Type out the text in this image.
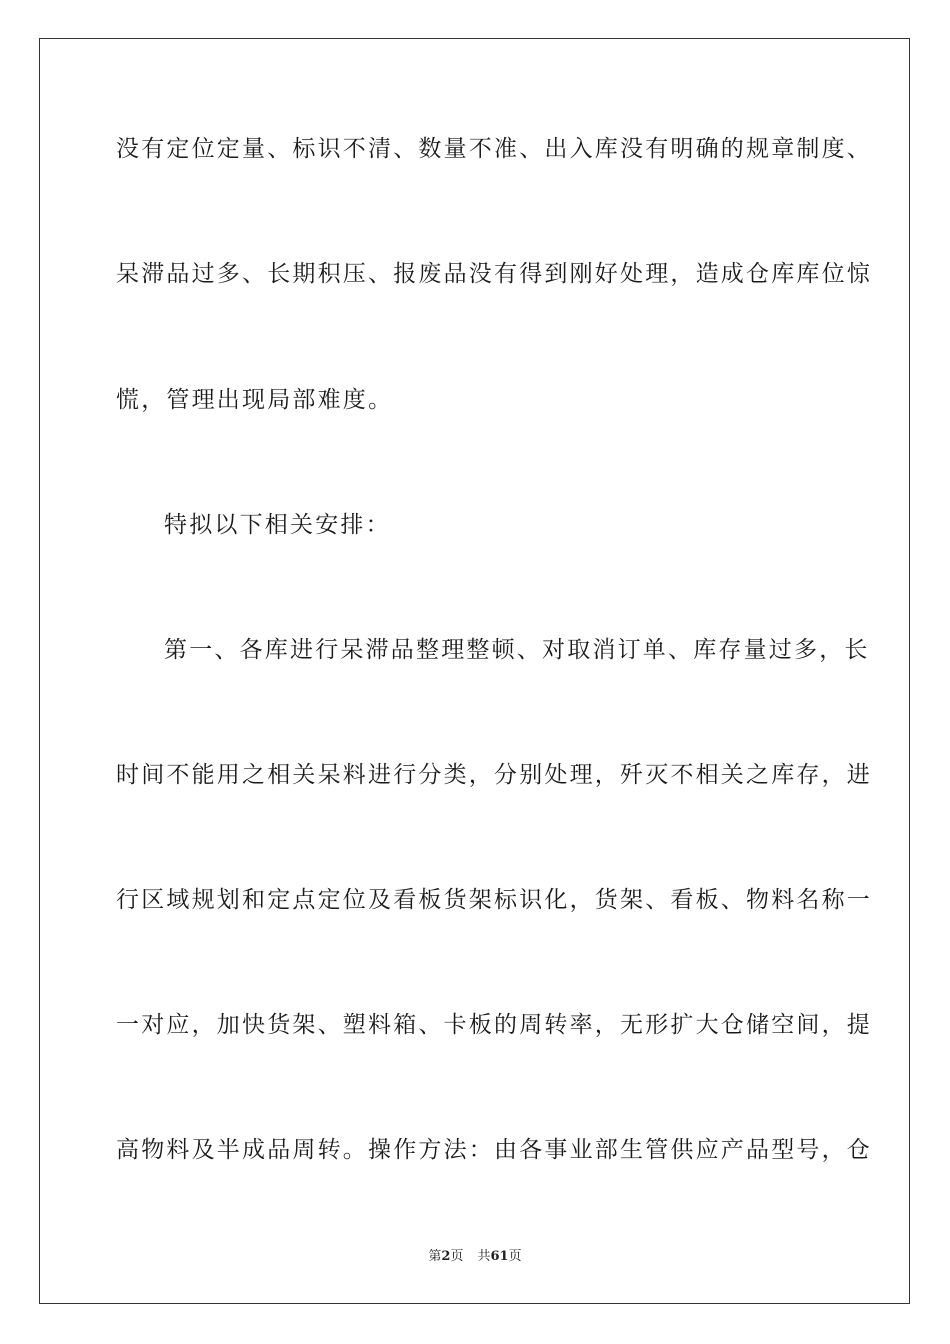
没有定位定量、标识不清、数量不准、出入库没有明确的规章制度、
呆滞品过多、长期积压、报废品没有得到刚好处理，造成仓库库位惊
慌，管理出现局部难度。
特拟以下相关安排：
第一、各库进行呆滞品整理整顿、对取消订单、库存量过多，长
时间不能用之相关呆料进行分类，分别处理，歼灭不相关之库存，进
行区域规划和定点定位及看板货架标识化，货架、看板、物料名称一
一对应，加快货架、塑料箱、卡板的周转率，无形扩大仓储空间，提
高物料及半成品周转。操作方法：由各事业部生管供应产品型号，仓
第2页 共61页
